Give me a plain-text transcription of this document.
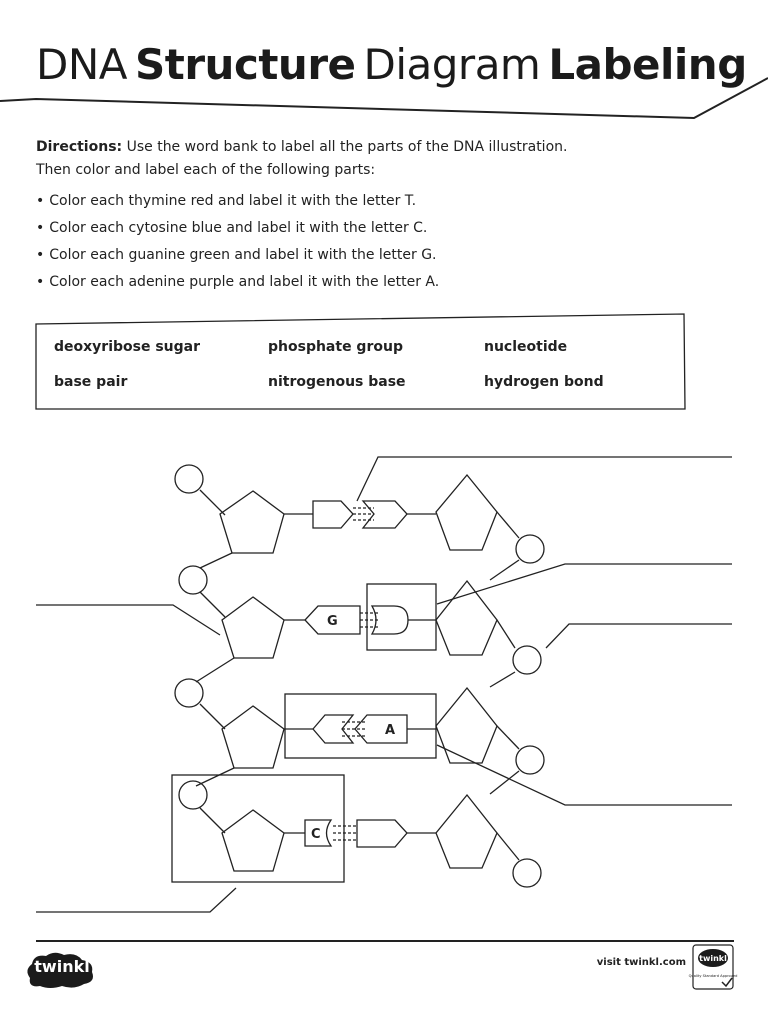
DNA Structure Diagram Labeling
Directions: Use the word bank to label all the parts of the DNA illustration.
Then color and label each of the following parts:
• Color each thymine red and label it with the letter T.
• Color each cytosine blue and label it with the letter C.
• Color each guanine green and label it with the letter G.
• Color each adenine purple and label it with the letter A.
deoxyribose sugar	phosphate group	nucleotide
base pair	nitrogenous base	hydrogen bond
G
A
C
twinkl	visit twinkl.com twinkl
Quality Standard Approved
